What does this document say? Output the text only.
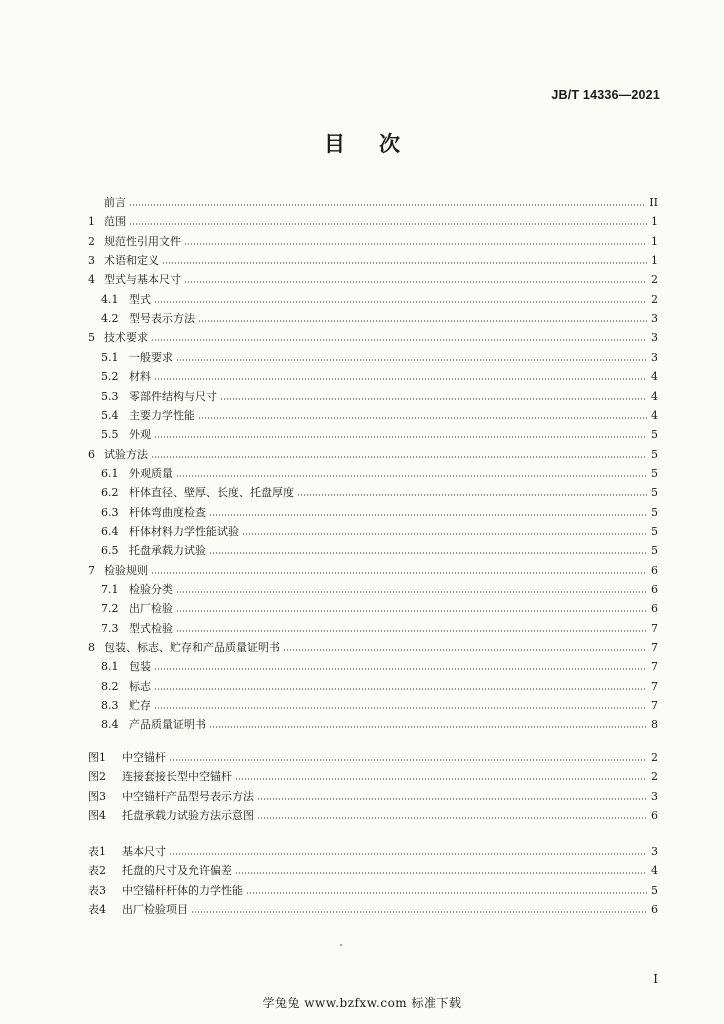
JB/T 14336—2021
目 次
前言	II
1 范围	1
2 规范性引用文件	1
3 术语和定义	1
4 型式与基本尺寸	2
4.1 型式	2
4.2 型号表示方法	3
5 技术要求	3
5.1 一般要求	3
5.2 材料	4
5.3 零部件结构与尺寸	4
5.4 主要力学性能	4
5.5 外观	5
6 试验方法	5
6.1 外观质量	5
6.2 杆体直径、壁厚、长度、托盘厚度	5
6.3 杆体弯曲度检查	5
6.4 杆体材料力学性能试验	5
6.5 托盘承载力试验	5
7 检验规则	6
7.1 检验分类	6
7.2 出厂检验	6
7.3 型式检验	7
8 包装、标志、贮存和产品质量证明书	7
8.1 包装	7
8.2 标志	7
8.3 贮存	7
8.4 产品质量证明书	8
图1	中空锚杆	2
图2	连接套接长型中空锚杆	2
图3	中空锚杆产品型号表示方法	3
图4	托盘承载力试验方法示意图	6
表1	基本尺寸	3
表2	托盘的尺寸及允许偏差	4
表3	中空锚杆杆体的力学性能	5
表4	出厂检验项目	6
I
学兔兔 www.bzfxw.com 标准下载
